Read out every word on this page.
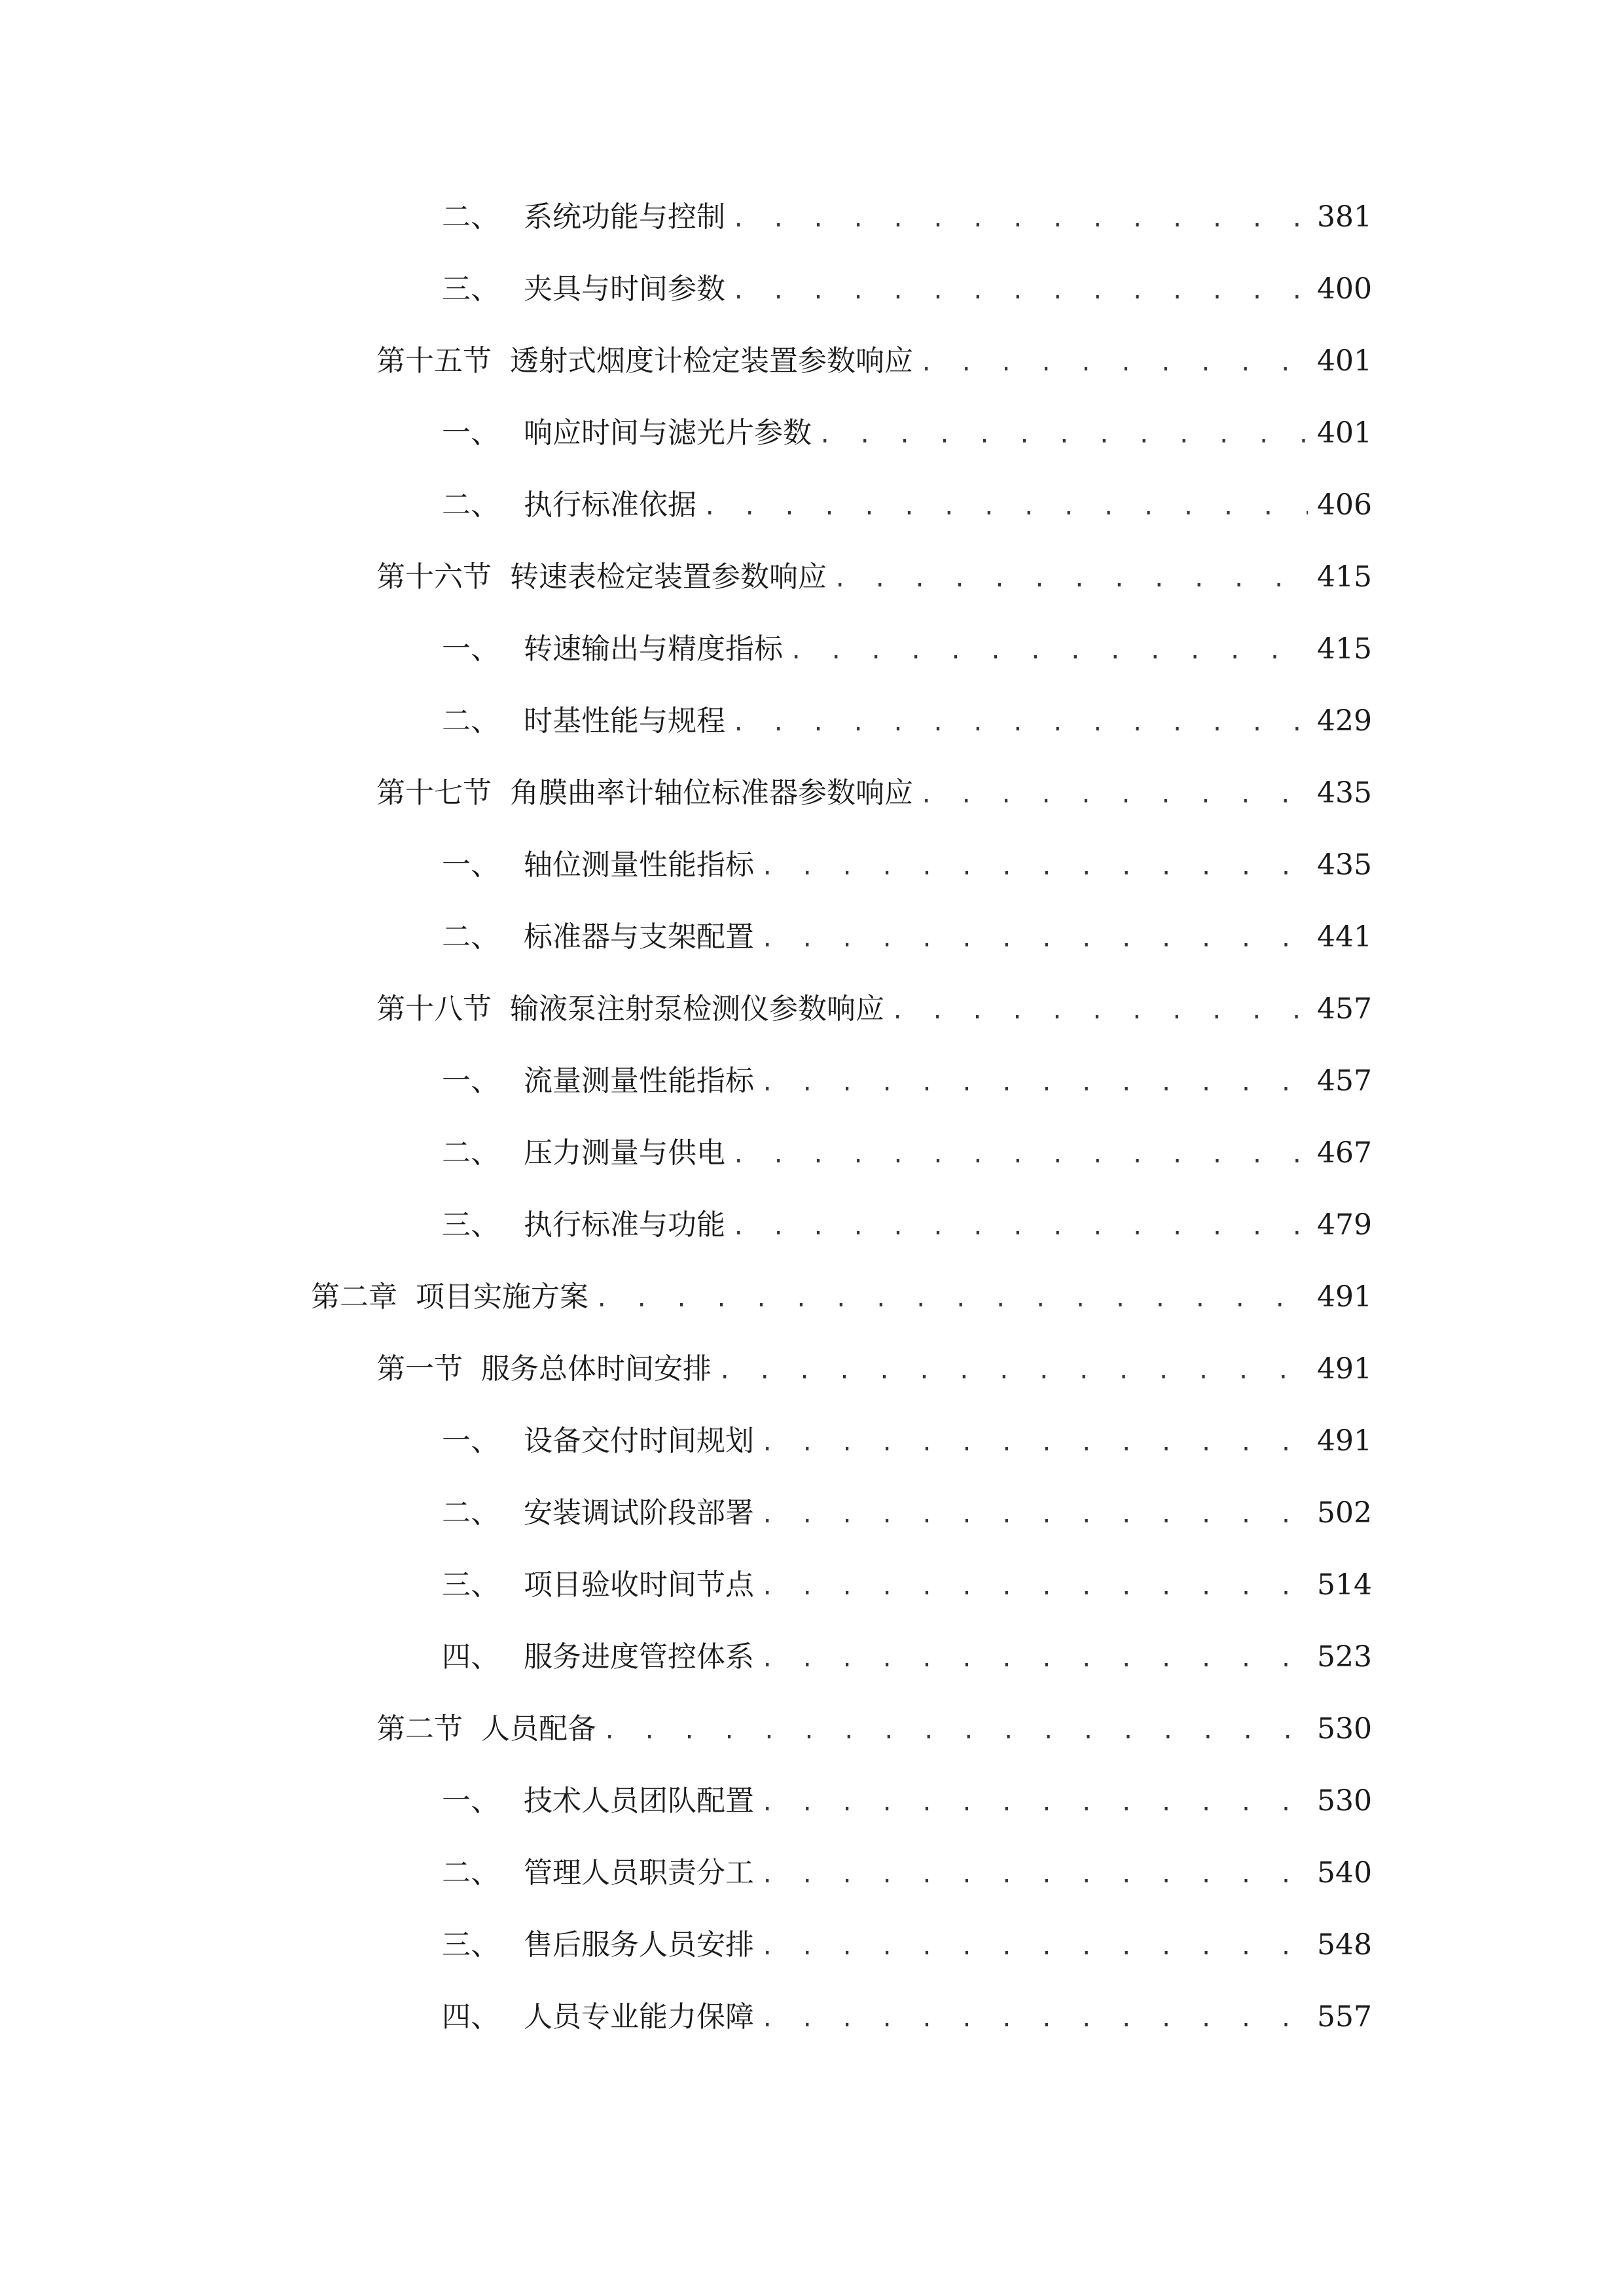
二、 系统功能与控制 . . .	381
三、 夹具与时间参数 . . .	400
第十五节 透射式烟度计检定装置参数响应 . . .	401
一、 响应时间与滤光片参数 . . .	401
二、 执行标准依据 . . .	406
第十六节 转速表检定装置参数响应 . . .	415
一、 转速输出与精度指标 . . .	415
二、 时基性能与规程 . . .	429
第十七节 角膜曲率计轴位标准器参数响应 . . .	435
一、 轴位测量性能指标 . . .	435
二、 标准器与支架配置 . . .	441
第十八节 输液泵注射泵检测仪参数响应 . . .	457
一、 流量测量性能指标 . . .	457
二、 压力测量与供电 . . .	467
三、 执行标准与功能 . . .	479
第二章 项目实施方案 . . .	491
第一节 服务总体时间安排 . . .	491
一、 设备交付时间规划 . . .	491
二、 安装调试阶段部署 . . .	502
三、 项目验收时间节点 . . .	514
四、 服务进度管控体系 . . .	523
第二节 人员配备 . . .	530
一、 技术人员团队配置 . . .	530
二、 管理人员职责分工 . . .	540
三、 售后服务人员安排 . . .	548
四、 人员专业能力保障 . . .	557
